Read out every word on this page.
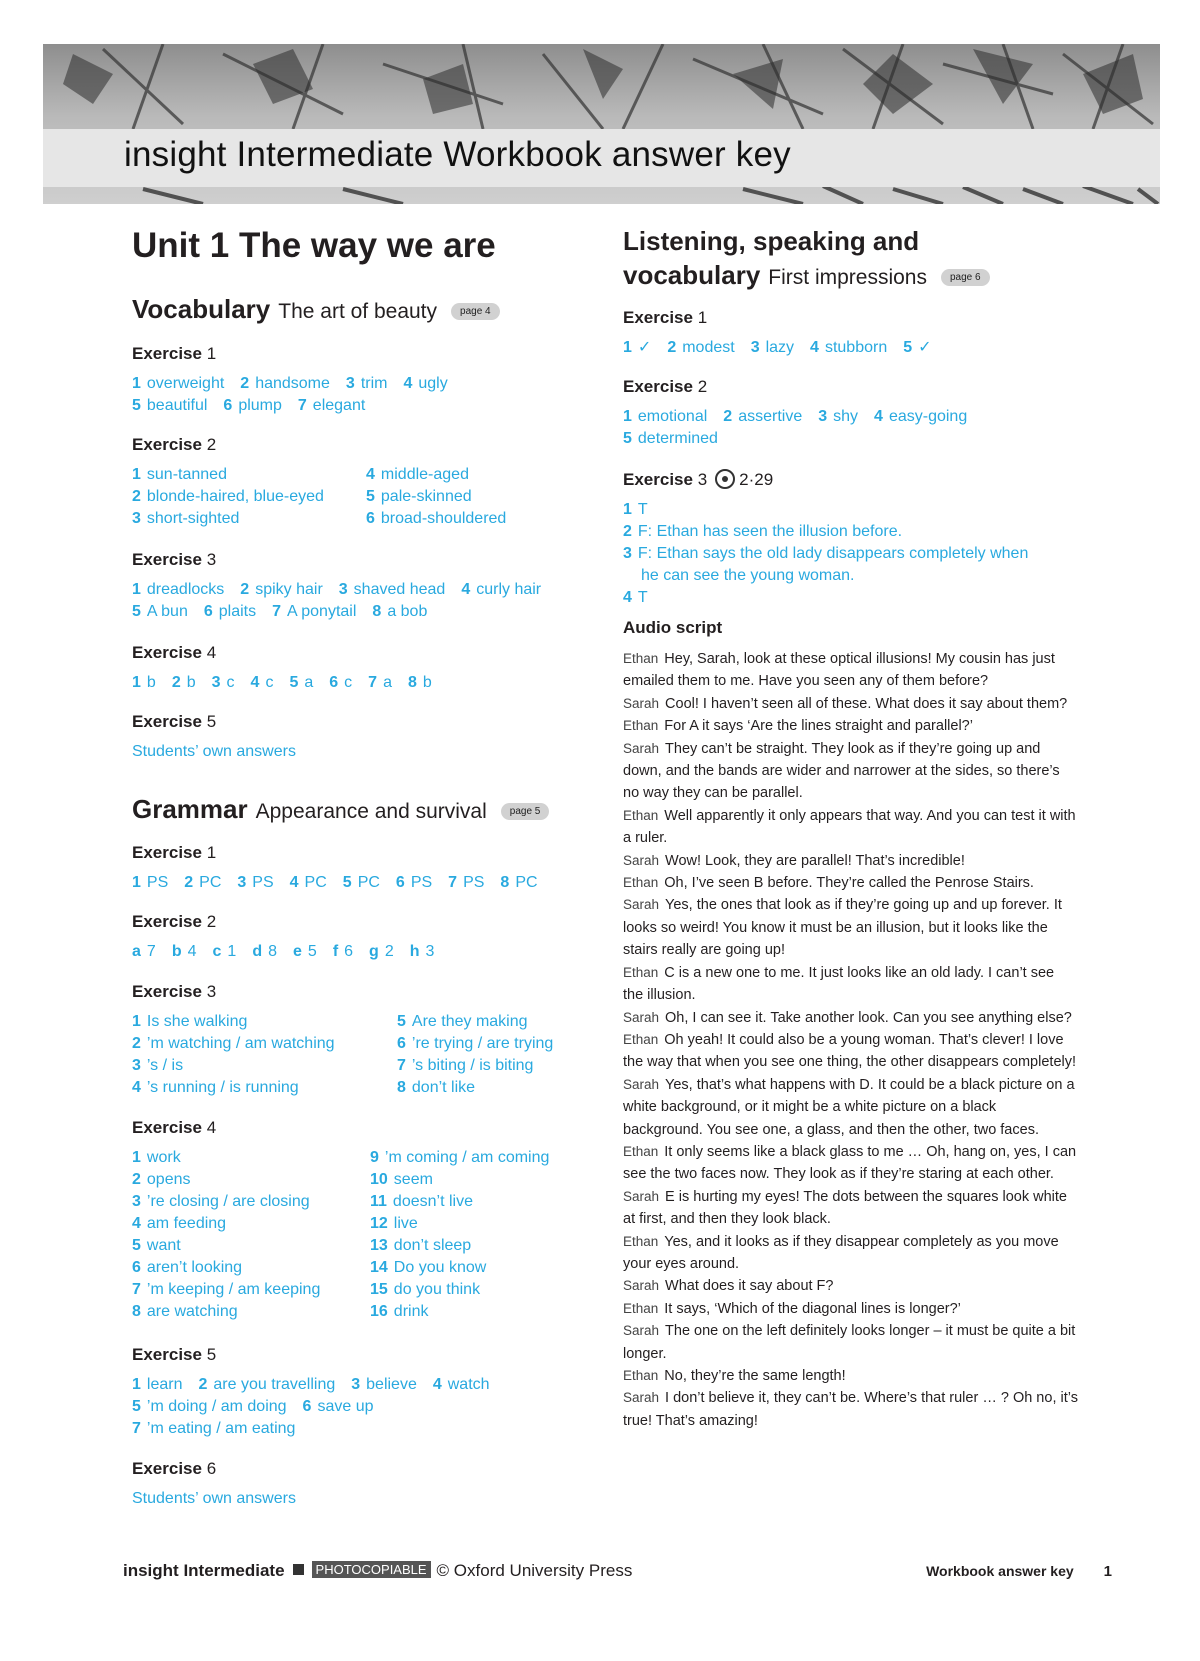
insight Intermediate Workbook answer key
Unit 1 The way we are
Vocabulary The art of beauty page 4
Exercise 1
1 overweight 2 handsome 3 trim 4 ugly
5 beautiful 6 plump 7 elegant
Exercise 2
1 sun-tanned	4 middle-aged
2 blonde-haired, blue-eyed	5 pale-skinned
3 short-sighted	6 broad-shouldered
Exercise 3
1 dreadlocks 2 spiky hair 3 shaved head 4 curly hair
5 A bun 6 plaits 7 A ponytail 8 a bob
Exercise 4
1 b 2 b 3 c 4 c 5 a 6 c 7 a 8 b
Exercise 5
Students’ own answers
Grammar Appearance and survival page 5
Exercise 1
1 PS 2 PC 3 PS 4 PC 5 PC 6 PS 7 PS 8 PC
Exercise 2
a 7 b 4 c 1 d 8 e 5 f 6 g 2 h 3
Exercise 3
1 Is she walking	5 Are they making
2 ’m watching / am watching	6 ’re trying / are trying
3 ’s / is	7 ’s biting / is biting
4 ’s running / is running	8 don’t like
Exercise 4
1 work	9 ’m coming / am coming
2 opens	10 seem
3 ’re closing / are closing	11 doesn’t live
4 am feeding	12 live
5 want	13 don’t sleep
6 aren’t looking	14 Do you know
7 ’m keeping / am keeping	15 do you think
8 are watching	16 drink
Exercise 5
1 learn 2 are you travelling 3 believe 4 watch
5 ’m doing / am doing 6 save up
7 ’m eating / am eating
Exercise 6
Students’ own answers
Listening, speaking and
vocabulary First impressions page 6
Exercise 1
1 ✓ 2 modest 3 lazy 4 stubborn 5 ✓
Exercise 2
1 emotional 2 assertive 3 shy 4 easy-going
5 determined
Exercise 3 2·29
1 T
2 F: Ethan has seen the illusion before.
3 F: Ethan says the old lady disappears completely when
he can see the young woman.
4 T
Audio script
Ethan Hey, Sarah, look at these optical illusions! My cousin has just emailed them to me. Have you seen any of them before?
Sarah Cool! I haven’t seen all of these. What does it say about them?
Ethan For A it says ‘Are the lines straight and parallel?’
Sarah They can’t be straight. They look as if they’re going up and down, and the bands are wider and narrower at the sides, so there’s no way they can be parallel.
Ethan Well apparently it only appears that way. And you can test it with a ruler.
Sarah Wow! Look, they are parallel! That’s incredible!
Ethan Oh, I’ve seen B before. They’re called the Penrose Stairs.
Sarah Yes, the ones that look as if they’re going up and up forever. It looks so weird! You know it must be an illusion, but it looks like the stairs really are going up!
Ethan C is a new one to me. It just looks like an old lady. I can’t see the illusion.
Sarah Oh, I can see it. Take another look. Can you see anything else?
Ethan Oh yeah! It could also be a young woman. That’s clever! I love the way that when you see one thing, the other disappears completely!
Sarah Yes, that’s what happens with D. It could be a black picture on a white background, or it might be a white picture on a black background. You see one, a glass, and then the other, two faces.
Ethan It only seems like a black glass to me … Oh, hang on, yes, I can see the two faces now. They look as if they’re staring at each other.
Sarah E is hurting my eyes! The dots between the squares look white at first, and then they look black.
Ethan Yes, and it looks as if they disappear completely as you move your eyes around.
Sarah What does it say about F?
Ethan It says, ‘Which of the diagonal lines is longer?’
Sarah The one on the left definitely looks longer – it must be quite a bit longer.
Ethan No, they’re the same length!
Sarah I don’t believe it, they can’t be. Where’s that ruler … ? Oh no, it’s true! That’s amazing!
insight Intermediate PHOTOCOPIABLE © Oxford University Press	Workbook answer key 1
